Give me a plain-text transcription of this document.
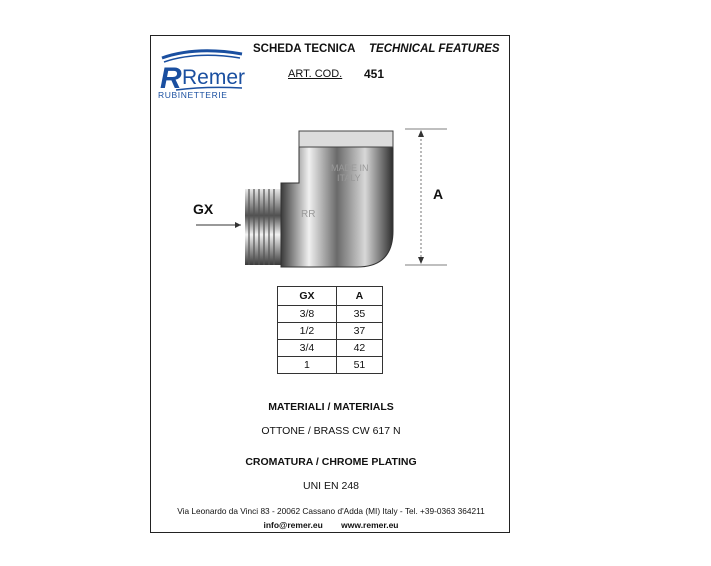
R Remer
RUBINETTERIE
SCHEDA TECNICA TECHNICAL FEATURES
ART. COD. 451
MADE IN
ITALY
RR
GX
A
GX	A
3/8	35
1/2	37
3/4	42
1	51
MATERIALI / MATERIALS
OTTONE / BRASS CW 617 N
CROMATURA / CHROME PLATING
UNI EN 248
Via Leonardo da Vinci 83 - 20062 Cassano d'Adda (MI) Italy - Tel. +39-0363 364211
info@remer.eu www.remer.eu
